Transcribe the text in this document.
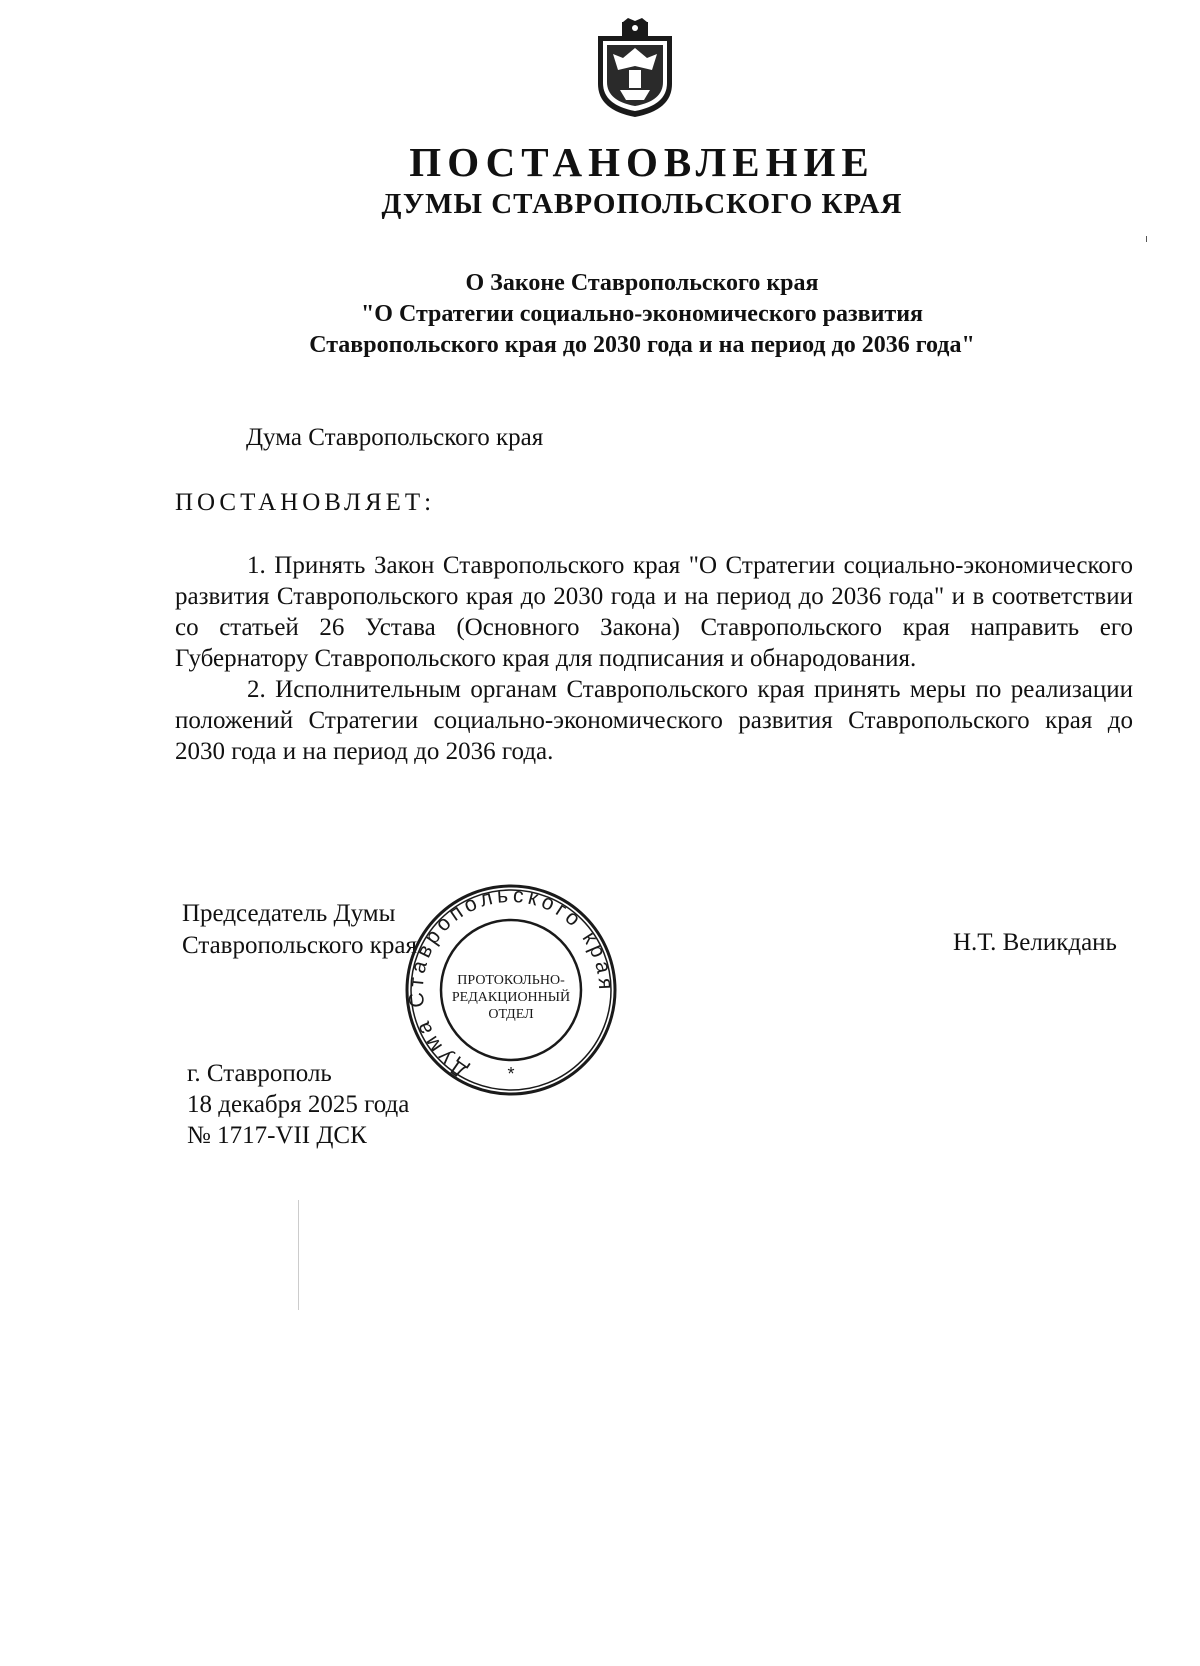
ПОСТАНОВЛЕНИЕ
ДУМЫ СТАВРОПОЛЬСКОГО КРАЯ
О Законе Ставропольского края
"О Стратегии социально-экономического развития
Ставропольского края до 2030 года и на период до 2036 года"
Дума Ставропольского края
ПОСТАНОВЛЯЕТ:

1. Принять Закон Ставропольского края "О Стратегии социально-экономического развития Ставропольского края до 2030 года и на период до 2036 года" и в соответствии со статьей 26 Устава (Основного Закона) Ставропольского края направить его Губернатору Ставропольского края для подписания и обнародования.

2. Исполнительным органам Ставропольского края принять меры по реализации положений Стратегии социально-экономического развития Ставропольского края до 2030 года и на период до 2036 года.

Председатель Думы
Ставропольского края	Н.Т. Великдань
Дума Ставропольского края
ПРОТОКОЛЬНО-
РЕДАКЦИОННЫЙ
ОТДЕЛ
*
г. Ставрополь
18 декабря 2025 года
№ 1717-VII ДСК
